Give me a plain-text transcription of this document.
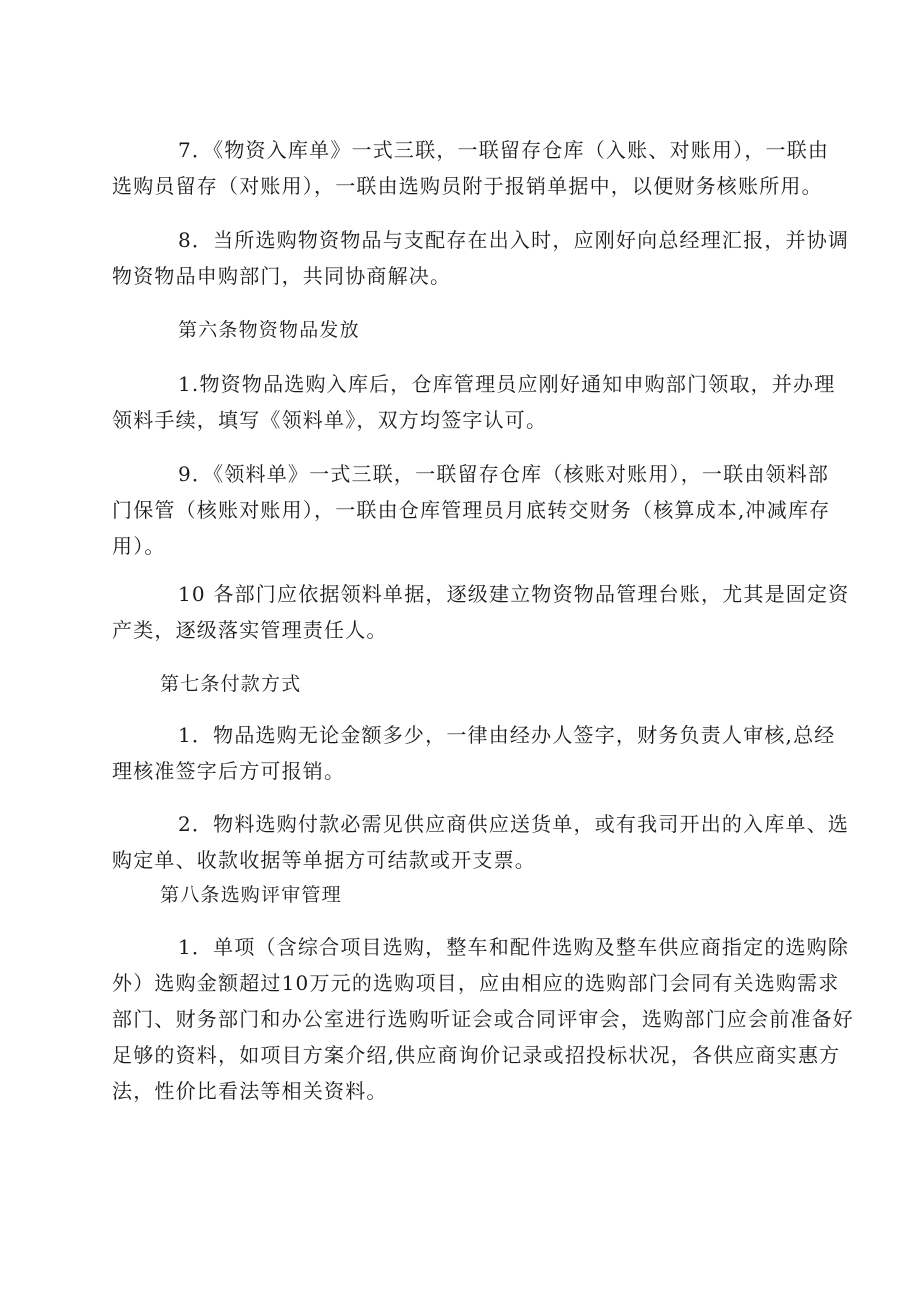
7．《物资入库单》一式三联，一联留存仓库（入账、对账用），一联由
选购员留存（对账用），一联由选购员附于报销单据中，以便财务核账所用。

8．当所选购物资物品与支配存在出入时，应刚好向总经理汇报，并协调
物资物品申购部门，共同协商解决。

第六条物资物品发放

1.物资物品选购入库后，仓库管理员应刚好通知申购部门领取，并办理
领料手续，填写《领料单》，双方均签字认可。

9．《领料单》一式三联，一联留存仓库（核账对账用），一联由领料部
门保管（核账对账用），一联由仓库管理员月底转交财务（核算成本,冲减库存
用）。

10 各部门应依据领料单据，逐级建立物资物品管理台账，尤其是固定资
产类，逐级落实管理责任人。

第七条付款方式

1．物品选购无论金额多少，一律由经办人签字，财务负责人审核,总经
理核准签字后方可报销。

2．物料选购付款必需见供应商供应送货单，或有我司开出的入库单、选
购定单、收款收据等单据方可结款或开支票。

第八条选购评审管理

1．单项（含综合项目选购，整车和配件选购及整车供应商指定的选购除
外）选购金额超过10万元的选购项目，应由相应的选购部门会同有关选购需求
部门、财务部门和办公室进行选购听证会或合同评审会，选购部门应会前准备好
足够的资料，如项目方案介绍,供应商询价记录或招投标状况，各供应商实惠方
法，性价比看法等相关资料。
